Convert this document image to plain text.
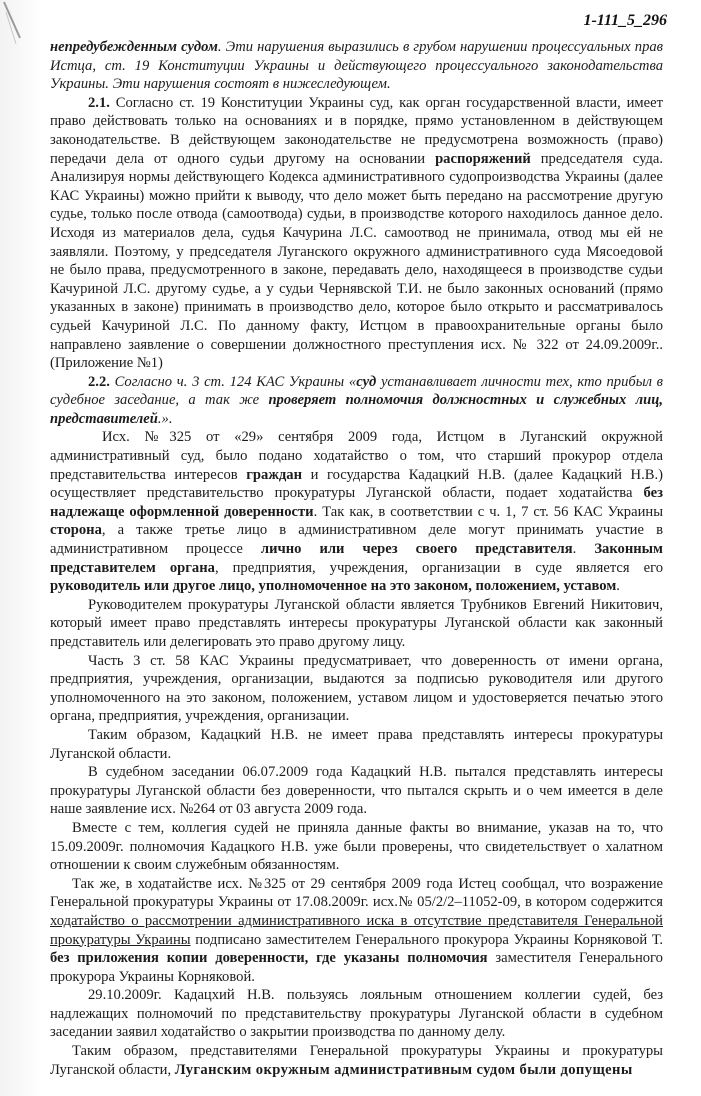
1-111_5_296

непредубежденным судом. Эти нарушения выразились в грубом нарушении процессуальных прав Истца, ст. 19 Конституции Украины и действующего процессуального законодательства Украины. Эти нарушения состоят в нижеследующем.

2.1. Согласно ст. 19 Конституции Украины суд, как орган государственной власти, имеет право действовать только на основаниях и в порядке, прямо установленном в действующем законодательстве. В действующем законодательстве не предусмотрена возможность (право) передачи дела от одного судьи другому на основании распоряжений председателя суда. Анализируя нормы действующего Кодекса административного судопроизводства Украины (далее КАС Украины) можно прийти к выводу, что дело может быть передано на рассмотрение другую судье, только после отвода (самоотвода) судьи, в производстве которого находилось данное дело. Исходя из материалов дела, судья Качурина Л.С. самоотвод не принимала, отвод мы ей не заявляли. Поэтому, у председателя Луганского окружного административного суда Мясоедовой не было права, предусмотренного в законе, передавать дело, находящееся в производстве судьи Качуриной Л.С. другому судье, а у судьи Чернявской Т.И. не было законных оснований (прямо указанных в законе) принимать в производство дело, которое было открыто и рассматривалось судьей Качуриной Л.С. По данному факту, Истцом в правоохранительные органы было направлено заявление о совершении должностного преступления исх. № 322 от 24.09.2009г.. (Приложение №1)

2.2. Согласно ч. 3 ст. 124 КАС Украины «суд устанавливает личности тех, кто прибыл в судебное заседание, а так же проверяет полномочия должностных и служебных лиц, представителей.».

Исх. №325 от «29» сентября 2009 года, Истцом в Луганский окружной административный суд, было подано ходатайство о том, что старший прокурор отдела представительства интересов граждан и государства Кадацкий Н.В. (далее Кадацкий Н.В.) осуществляет представительство прокуратуры Луганской области, подает ходатайства без надлежаще оформленной доверенности. Так как, в соответствии с ч. 1, 7 ст. 56 КАС Украины сторона, а также третье лицо в административном деле могут принимать участие в административном процессе лично или через своего представителя. Законным представителем органа, предприятия, учреждения, организации в суде является его руководитель или другое лицо, уполномоченное на это законом, положением, уставом.

Руководителем прокуратуры Луганской области является Трубников Евгений Никитович, который имеет право представлять интересы прокуратуры Луганской области как законный представитель или делегировать это право другому лицу.

Часть 3 ст. 58 КАС Украины предусматривает, что доверенность от имени органа, предприятия, учреждения, организации, выдаются за подписью руководителя или другого уполномоченного на это законом, положением, уставом лицом и удостоверяется печатью этого органа, предприятия, учреждения, организации.

Таким образом, Кадацкий Н.В. не имеет права представлять интересы прокуратуры Луганской области.

В судебном заседании 06.07.2009 года Кадацкий Н.В. пытался представлять интересы прокуратуры Луганской области без доверенности, что пытался скрыть и о чем имеется в деле наше заявление исх. №264 от 03 августа 2009 года.

Вместе с тем, коллегия судей не приняла данные факты во внимание, указав на то, что 15.09.2009г. полномочия Кадацкого Н.В. уже были проверены, что свидетельствует о халатном отношении к своим служебным обязанностям.

Так же, в ходатайстве исх. №325 от 29 сентября 2009 года Истец сообщал, что возражение Генеральной прокуратуры Украины от 17.08.2009г. исх.№ 05/2/2–11052-09, в котором содержится ходатайство о рассмотрении административного иска в отсутствие представителя Генеральной прокуратуры Украины подписано заместителем Генерального прокурора Украины Корняковой Т. без приложения копии доверенности, где указаны полномочия заместителя Генерального прокурора Украины Корняковой.

29.10.2009г. Кадацхий Н.В. пользуясь лояльным отношением коллегии судей, без надлежащих полномочий по представительству прокуратуры Луганской области в судебном заседании заявил ходатайство о закрытии производства по данному делу.

Таким образом, представителями Генеральной прокуратуры Украины и прокуратуры Луганской области, Луганским окружным административным судом были допущены
